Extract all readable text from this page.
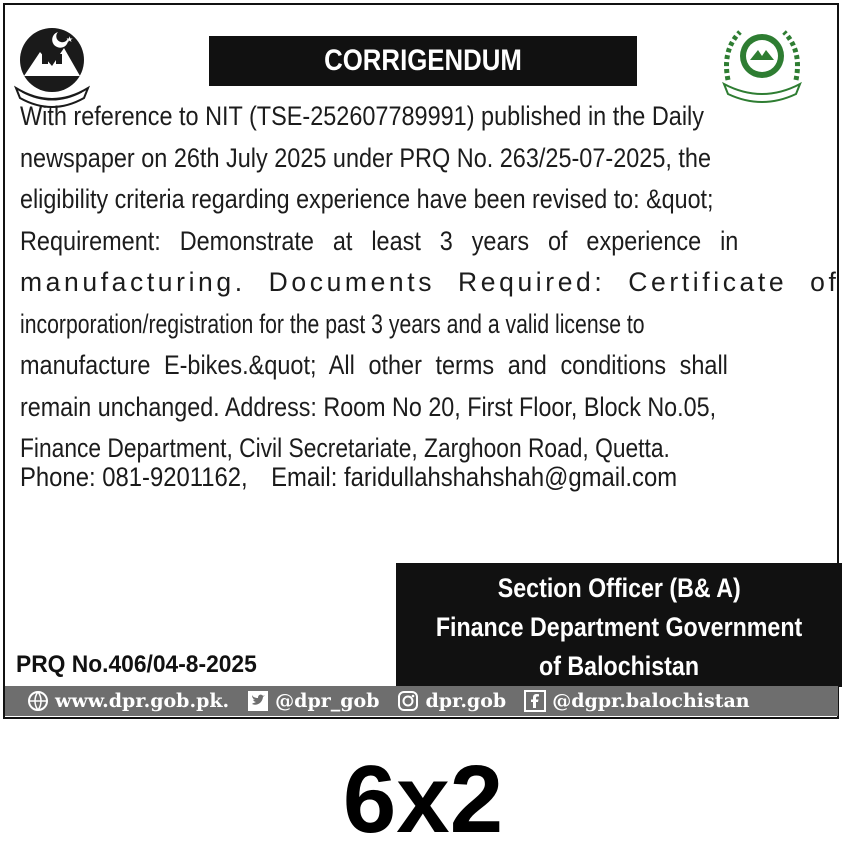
★
CORRIGENDUM
With reference to NIT (TSE-252607789991) published in the Daily
newspaper on 26th July 2025 under PRQ No. 263/25-07-2025, the
eligibility criteria regarding experience have been revised to: &quot;
Requirement: Demonstrate at least 3 years of experience in
manufacturing. Documents Required: Certificate of
incorporation/registration for the past 3 years and a valid license to
manufacture E-bikes.&quot; All other terms and conditions shall
remain unchanged. Address: Room No 20, First Floor, Block No.05,
Finance Department, Civil Secretariate, Zarghoon Road, Quetta.
Phone: 081-9201162, Email: faridullahshahshah@gmail.com
Section Officer (B& A)
Finance Department Government
of Balochistan
PRQ No.406/04-8-2025
www.dpr.gob.pk. @dpr_gob dpr.gob @dgpr.balochistan
6x2
